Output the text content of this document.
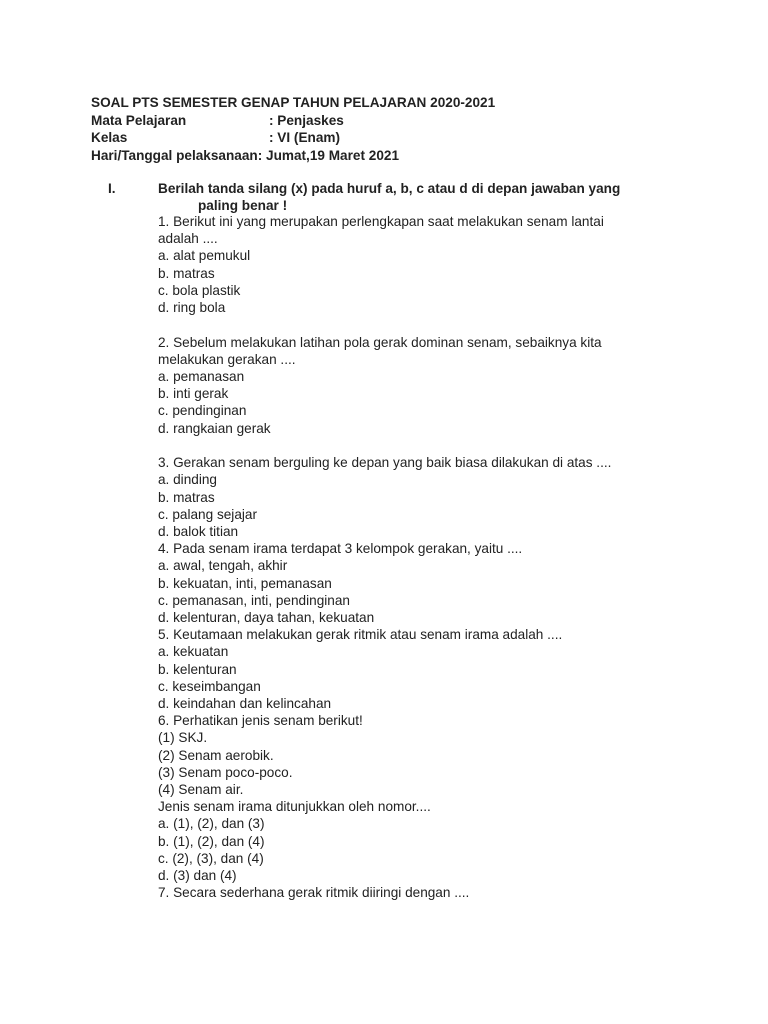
SOAL PTS SEMESTER GENAP TAHUN PELAJARAN 2020-2021
Mata Pelajaran	: Penjaskes
Kelas	: VI (Enam)
Hari/Tanggal pelaksanaan: Jumat,19 Maret 2021
I.	Berilah tanda silang (x) pada huruf a, b, c atau d di depan jawaban yang
paling benar !
1. Berikut ini yang merupakan perlengkapan saat melakukan senam lantai
adalah ....
a. alat pemukul
b. matras
c. bola plastik
d. ring bola
2. Sebelum melakukan latihan pola gerak dominan senam, sebaiknya kita
melakukan gerakan ....
a. pemanasan
b. inti gerak
c. pendinginan
d. rangkaian gerak
3. Gerakan senam berguling ke depan yang baik biasa dilakukan di atas ....
a. dinding
b. matras
c. palang sejajar
d. balok titian
4. Pada senam irama terdapat 3 kelompok gerakan, yaitu ....
a. awal, tengah, akhir
b. kekuatan, inti, pemanasan
c. pemanasan, inti, pendinginan
d. kelenturan, daya tahan, kekuatan
5. Keutamaan melakukan gerak ritmik atau senam irama adalah ....
a. kekuatan
b. kelenturan
c. keseimbangan
d. keindahan dan kelincahan
6. Perhatikan jenis senam berikut!
(1) SKJ.
(2) Senam aerobik.
(3) Senam poco-poco.
(4) Senam air.
Jenis senam irama ditunjukkan oleh nomor....
a. (1), (2), dan (3)
b. (1), (2), dan (4)
c. (2), (3), dan (4)
d. (3) dan (4)
7. Secara sederhana gerak ritmik diiringi dengan ....
